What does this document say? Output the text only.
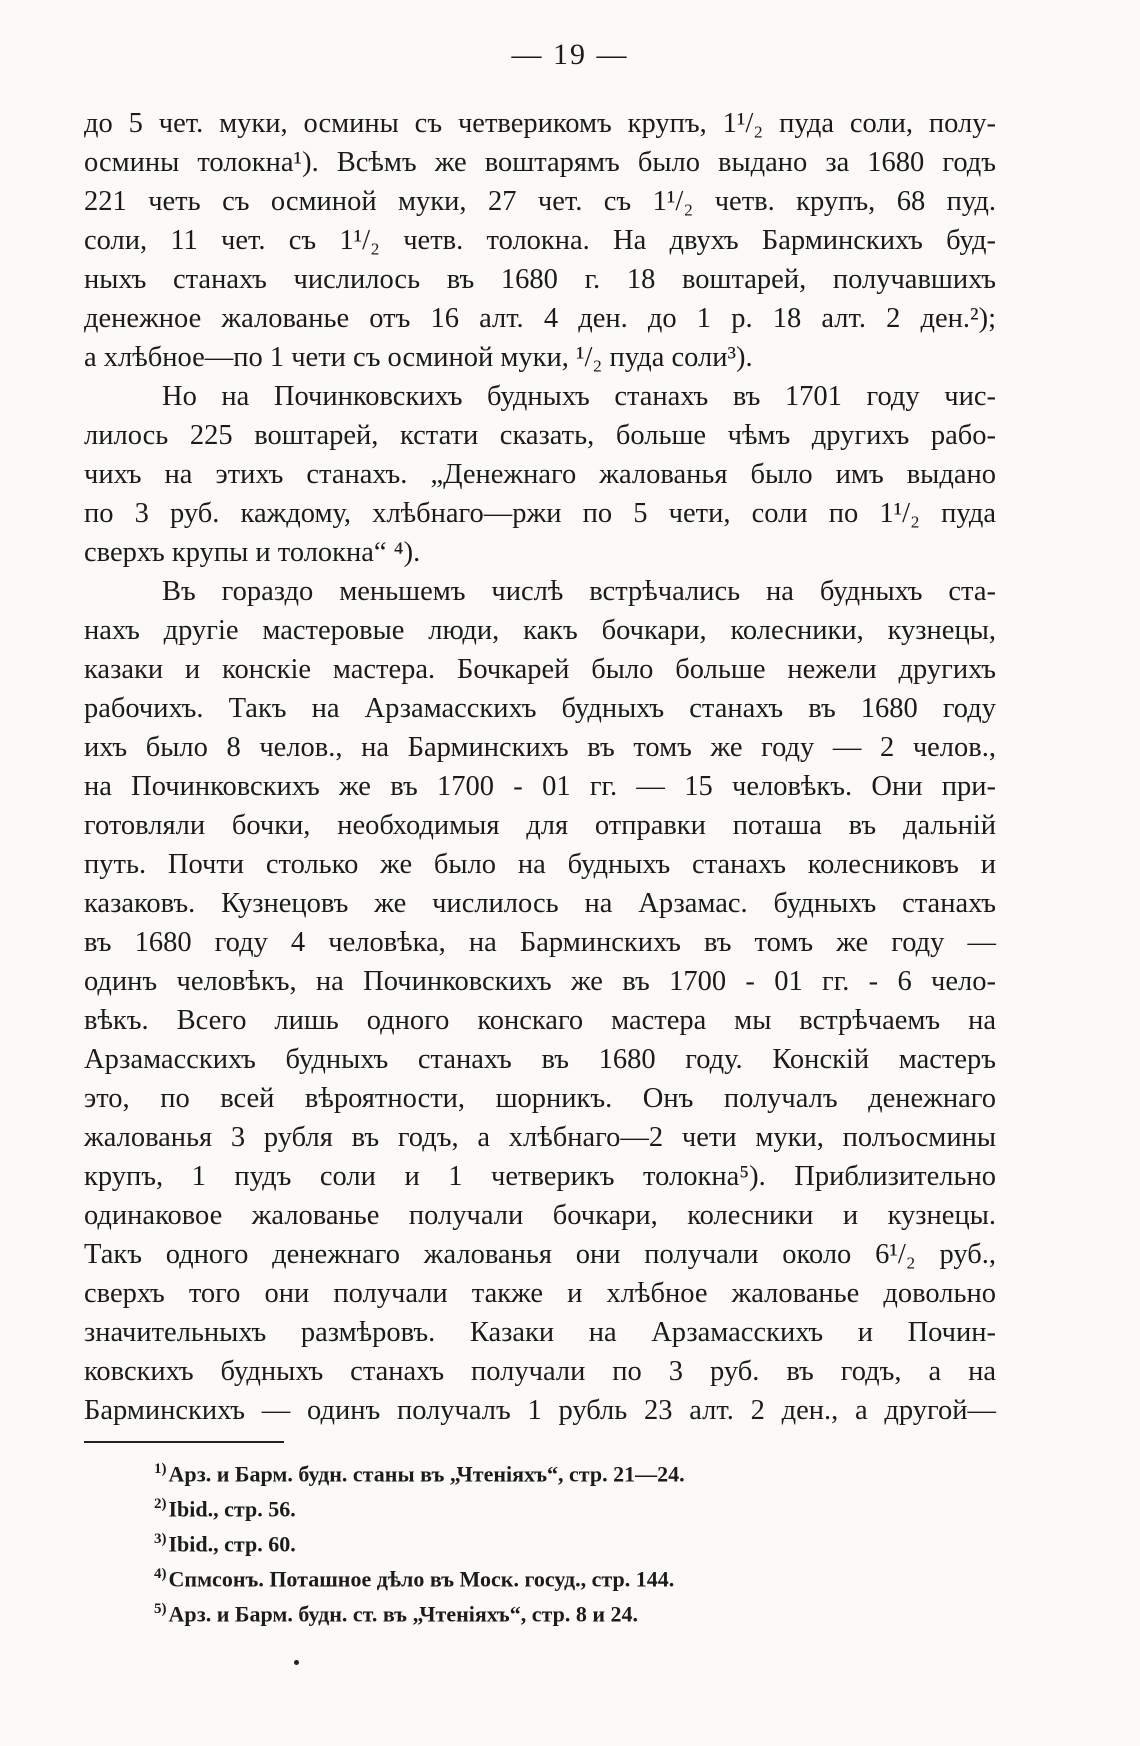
— 19 —
до 5 чет. муки, осмины съ четверикомъ крупъ, 1¹/₂ пуда соли, полу-
осмины толокна¹). Всѣмъ же воштарямъ было выдано за 1680 годъ
221 четь съ осминой муки, 27 чет. съ 1¹/₂ четв. крупъ, 68 пуд.
соли, 11 чет. съ 1¹/₂ четв. толокна. На двухъ Барминскихъ буд-
ныхъ станахъ числилось въ 1680 г. 18 воштарей, получавшихъ
денежное жалованье отъ 16 алт. 4 ден. до 1 р. 18 алт. 2 ден.²);
а хлѣбное—по 1 чети съ осминой муки, ¹/₂ пуда соли³).
Но на Починковскихъ будныхъ станахъ въ 1701 году чис-
лилось 225 воштарей, кстати сказать, больше чѣмъ другихъ рабо-
чихъ на этихъ станахъ. „Денежнаго жалованья было имъ выдано
по 3 руб. каждому, хлѣбнаго—ржи по 5 чети, соли по 1¹/₂ пуда
сверхъ крупы и толокна“ ⁴).
Въ гораздо меньшемъ числѣ встрѣчались на будныхъ ста-
нахъ другіе мастеровые люди, какъ бочкари, колесники, кузнецы,
казаки и конскіе мастера. Бочкарей было больше нежели другихъ
рабочихъ. Такъ на Арзамасскихъ будныхъ станахъ въ 1680 году
ихъ было 8 челов., на Барминскихъ въ томъ же году — 2 челов.,
на Починковскихъ же въ 1700 - 01 гг. — 15 человѣкъ. Они при-
готовляли бочки, необходимыя для отправки поташа въ дальній
путь. Почти столько же было на будныхъ станахъ колесниковъ и
казаковъ. Кузнецовъ же числилось на Арзамас. будныхъ станахъ
въ 1680 году 4 человѣка, на Барминскихъ въ томъ же году —
одинъ человѣкъ, на Починковскихъ же въ 1700 - 01 гг. - 6 чело-
вѣкъ. Всего лишь одного конскаго мастера мы встрѣчаемъ на
Арзамасскихъ будныхъ станахъ въ 1680 году. Конскій мастеръ
это, по всей вѣроятности, шорникъ. Онъ получалъ денежнаго
жалованья 3 рубля въ годъ, а хлѣбнаго—2 чети муки, полъосмины
крупъ, 1 пудъ соли и 1 четверикъ толокна⁵). Приблизительно
одинаковое жалованье получали бочкари, колесники и кузнецы.
Такъ одного денежнаго жалованья они получали около 6¹/₂ руб.,
сверхъ того они получали также и хлѣбное жалованье довольно
значительныхъ размѣровъ. Казаки на Арзамасскихъ и Почин-
ковскихъ будныхъ станахъ получали по 3 руб. въ годъ, а на
Барминскихъ — одинъ получалъ 1 рубль 23 алт. 2 ден., а другой—
$^{1)}$Арз. и Барм. будн. станы въ „Чтеніяхъ“, стр. 21—24.
$^{2)}$Ibid., стр. 56.
$^{3)}$Ibid., стр. 60.
$^{4)}$Спмсонъ. Поташное дѣло въ Моск. госуд., стр. 144.
$^{5)}$Арз. и Барм. будн. ст. въ „Чтеніяхъ“, стр. 8 и 24.
